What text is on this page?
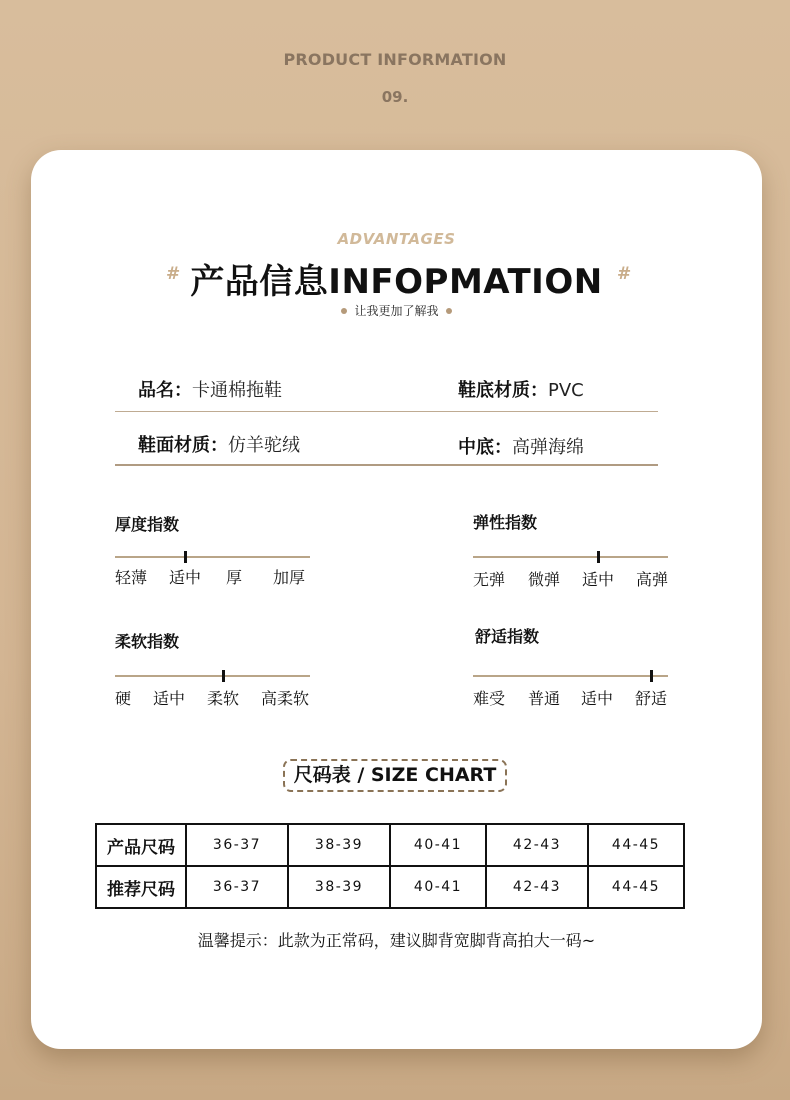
PRODUCT INFORMATION
09.
ADVANTAGES
# 产品信息INFOPMATION #
让我更加了解我
品名：卡通棉拖鞋	鞋底材质：PVC
鞋面材质：仿羊驼绒	中底：高弹海绵
厚度指数
轻薄 适中 厚 加厚
弹性指数
无弹 微弹 适中 高弹
柔软指数
硬 适中 柔软 高柔软
舒适指数
难受 普通 适中 舒适
尺码表 / SIZE CHART
产品尺码	36-37	38-39	40-41	42-43	44-45
推荐尺码	36-37	38-39	40-41	42-43	44-45
温馨提示：此款为正常码，建议脚背宽脚背高拍大一码~
